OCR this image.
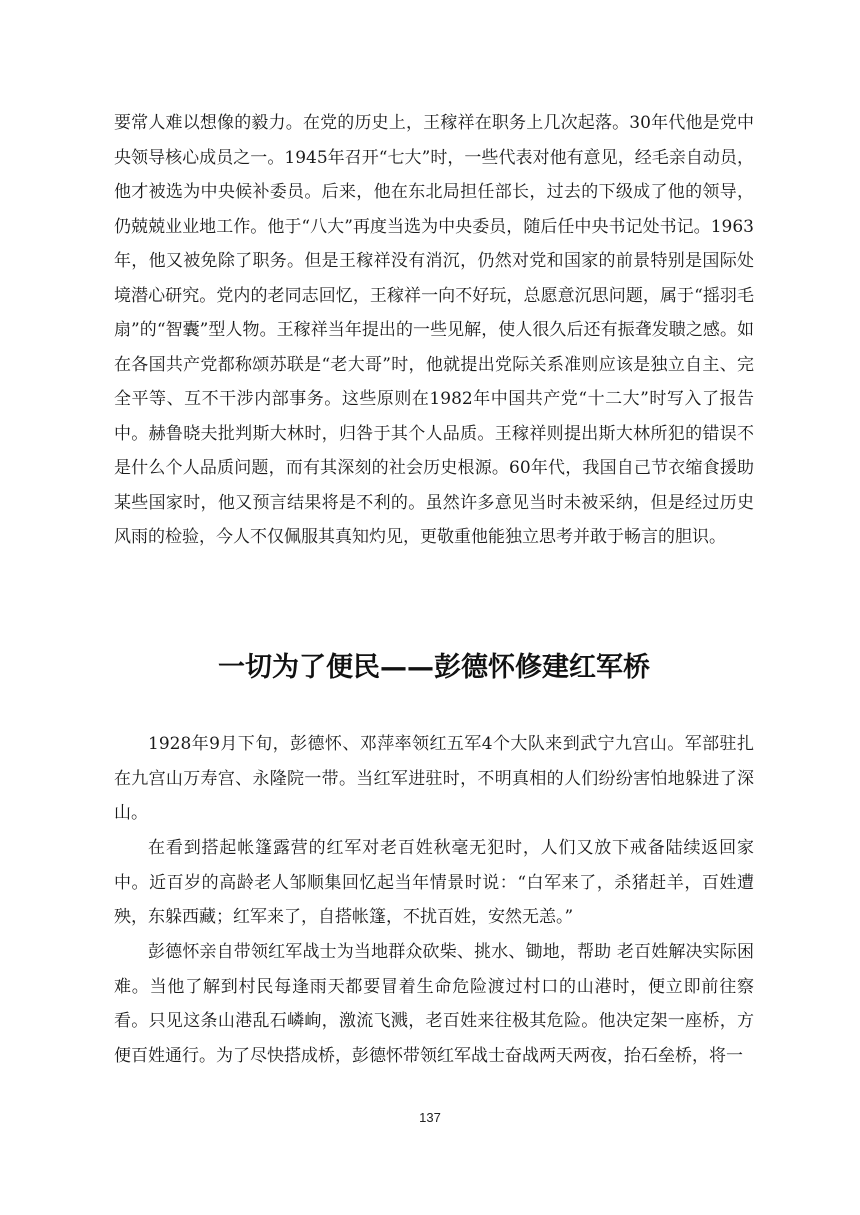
要常人难以想像的毅力。在党的历史上，王稼祥在职务上几次起落。30年代他是党中央领导核心成员之一。1945年召开“七大”时，一些代表对他有意见，经毛亲自动员，他才被选为中央候补委员。后来，他在东北局担任部长，过去的下级成了他的领导，仍兢兢业业地工作。他于“八大”再度当选为中央委员，随后任中央书记处书记。1963年，他又被免除了职务。但是王稼祥没有消沉，仍然对党和国家的前景特别是国际处境潜心研究。党内的老同志回忆，王稼祥一向不好玩，总愿意沉思问题，属于“摇羽毛扇”的“智囊”型人物。王稼祥当年提出的一些见解，使人很久后还有振聋发聩之感。如在各国共产党都称颂苏联是“老大哥”时，他就提出党际关系准则应该是独立自主、完全平等、互不干涉内部事务。这些原则在1982年中国共产党“十二大”时写入了报告中。赫鲁晓夫批判斯大林时，归咎于其个人品质。王稼祥则提出斯大林所犯的错误不是什么个人品质问题，而有其深刻的社会历史根源。60年代，我国自己节衣缩食援助某些国家时，他又预言结果将是不利的。虽然许多意见当时未被采纳，但是经过历史风雨的检验，今人不仅佩服其真知灼见，更敬重他能独立思考并敢于畅言的胆识。

一切为了便民——彭德怀修建红军桥

1928年9月下旬，彭德怀、邓萍率领红五军4个大队来到武宁九宫山。军部驻扎在九宫山万寿宫、永隆院一带。当红军进驻时，不明真相的人们纷纷害怕地躲进了深山。

在看到搭起帐篷露营的红军对老百姓秋毫无犯时，人们又放下戒备陆续返回家中。近百岁的高龄老人邹顺集回忆起当年情景时说：“白军来了，杀猪赶羊，百姓遭殃，东躲西藏；红军来了，自搭帐篷，不扰百姓，安然无恙。”

彭德怀亲自带领红军战士为当地群众砍柴、挑水、锄地，帮助 老百姓解决实际困难。当他了解到村民每逢雨天都要冒着生命危险渡过村口的山港时，便立即前往察看。只见这条山港乱石嶙峋，激流飞溅，老百姓来往极其危险。他决定架一座桥，方便百姓通行。为了尽快搭成桥，彭德怀带领红军战士奋战两天两夜，抬石垒桥，将一

137
